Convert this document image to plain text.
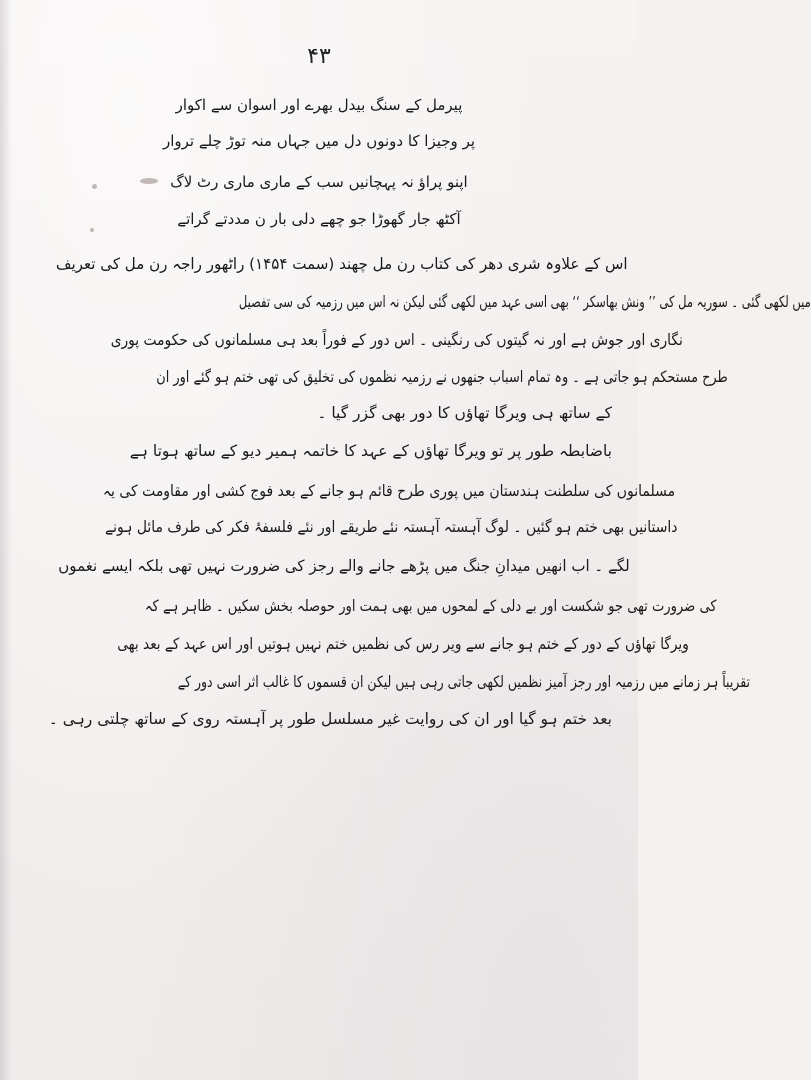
۴۳
پیرمل کے سنگ بیدل بھرے اور اسوان سے اکوار
پر وجیزا کا دونوں دل میں جہاں منہ توڑ چلے تروار
اپنو پراؤ نہ پہچانیں سب کے ماری ماری رٹ لاگ
آکٹھ جار گھوڑا جو چھے دلی بار ن مددتے گراتے
اس کے علاوہ شری دھر کی کتاب رن مل چھند (سمت ۱۴۵۴) راٹھور راجہ رن مل کی تعریف
میں لکھی گئی ۔ سوریہ مل کی ’’ ونش بھاسکر ‘‘ بھی اسی عہد میں لکھی گئی لیکن نہ اس میں رزمیہ کی سی تفصیل
نگاری اور جوش ہے اور نہ گیتوں کی رنگینی ۔ اس دور کے فوراً بعد ہی مسلمانوں کی حکومت پوری
طرح مستحکم ہو جاتی ہے ۔ وہ تمام اسباب جنھوں نے رزمیہ نظموں کی تخلیق کی تھی ختم ہو گئے اور ان
کے ساتھ ہی ویرگا تھاؤں کا دور بھی گزر گیا ۔
باضابطہ طور پر تو ویرگا تھاؤں کے عہد کا خاتمہ ہمیر دیو کے ساتھ ہوتا ہے
مسلمانوں کی سلطنت ہندستان میں پوری طرح قائم ہو جانے کے بعد فوج کشی اور مقاومت کی یہ
داستانیں بھی ختم ہو گئیں ۔ لوگ آہستہ آہستہ نئے طریقے اور نئے فلسفۂ فکر کی طرف مائل ہونے
لگے ۔ اب انھیں میدانِ جنگ میں پڑھے جانے والے رجز کی ضرورت نہیں تھی بلکہ ایسے نغموں
کی ضرورت تھی جو شکست اور بے دلی کے لمحوں میں بھی ہمت اور حوصلہ بخش سکیں ۔ ظاہر ہے کہ
ویرگا تھاؤں کے دور کے ختم ہو جانے سے ویر رس کی نظمیں ختم نہیں ہوتیں اور اس عہد کے بعد بھی
تقریباً ہر زمانے میں رزمیہ اور رجز آمیز نظمیں لکھی جاتی رہی ہیں لیکن ان قسموں کا غالب اثر اسی دور کے
بعد ختم ہو گیا اور ان کی روایت غیر مسلسل طور پر آہستہ روی کے ساتھ چلتی رہی ۔
